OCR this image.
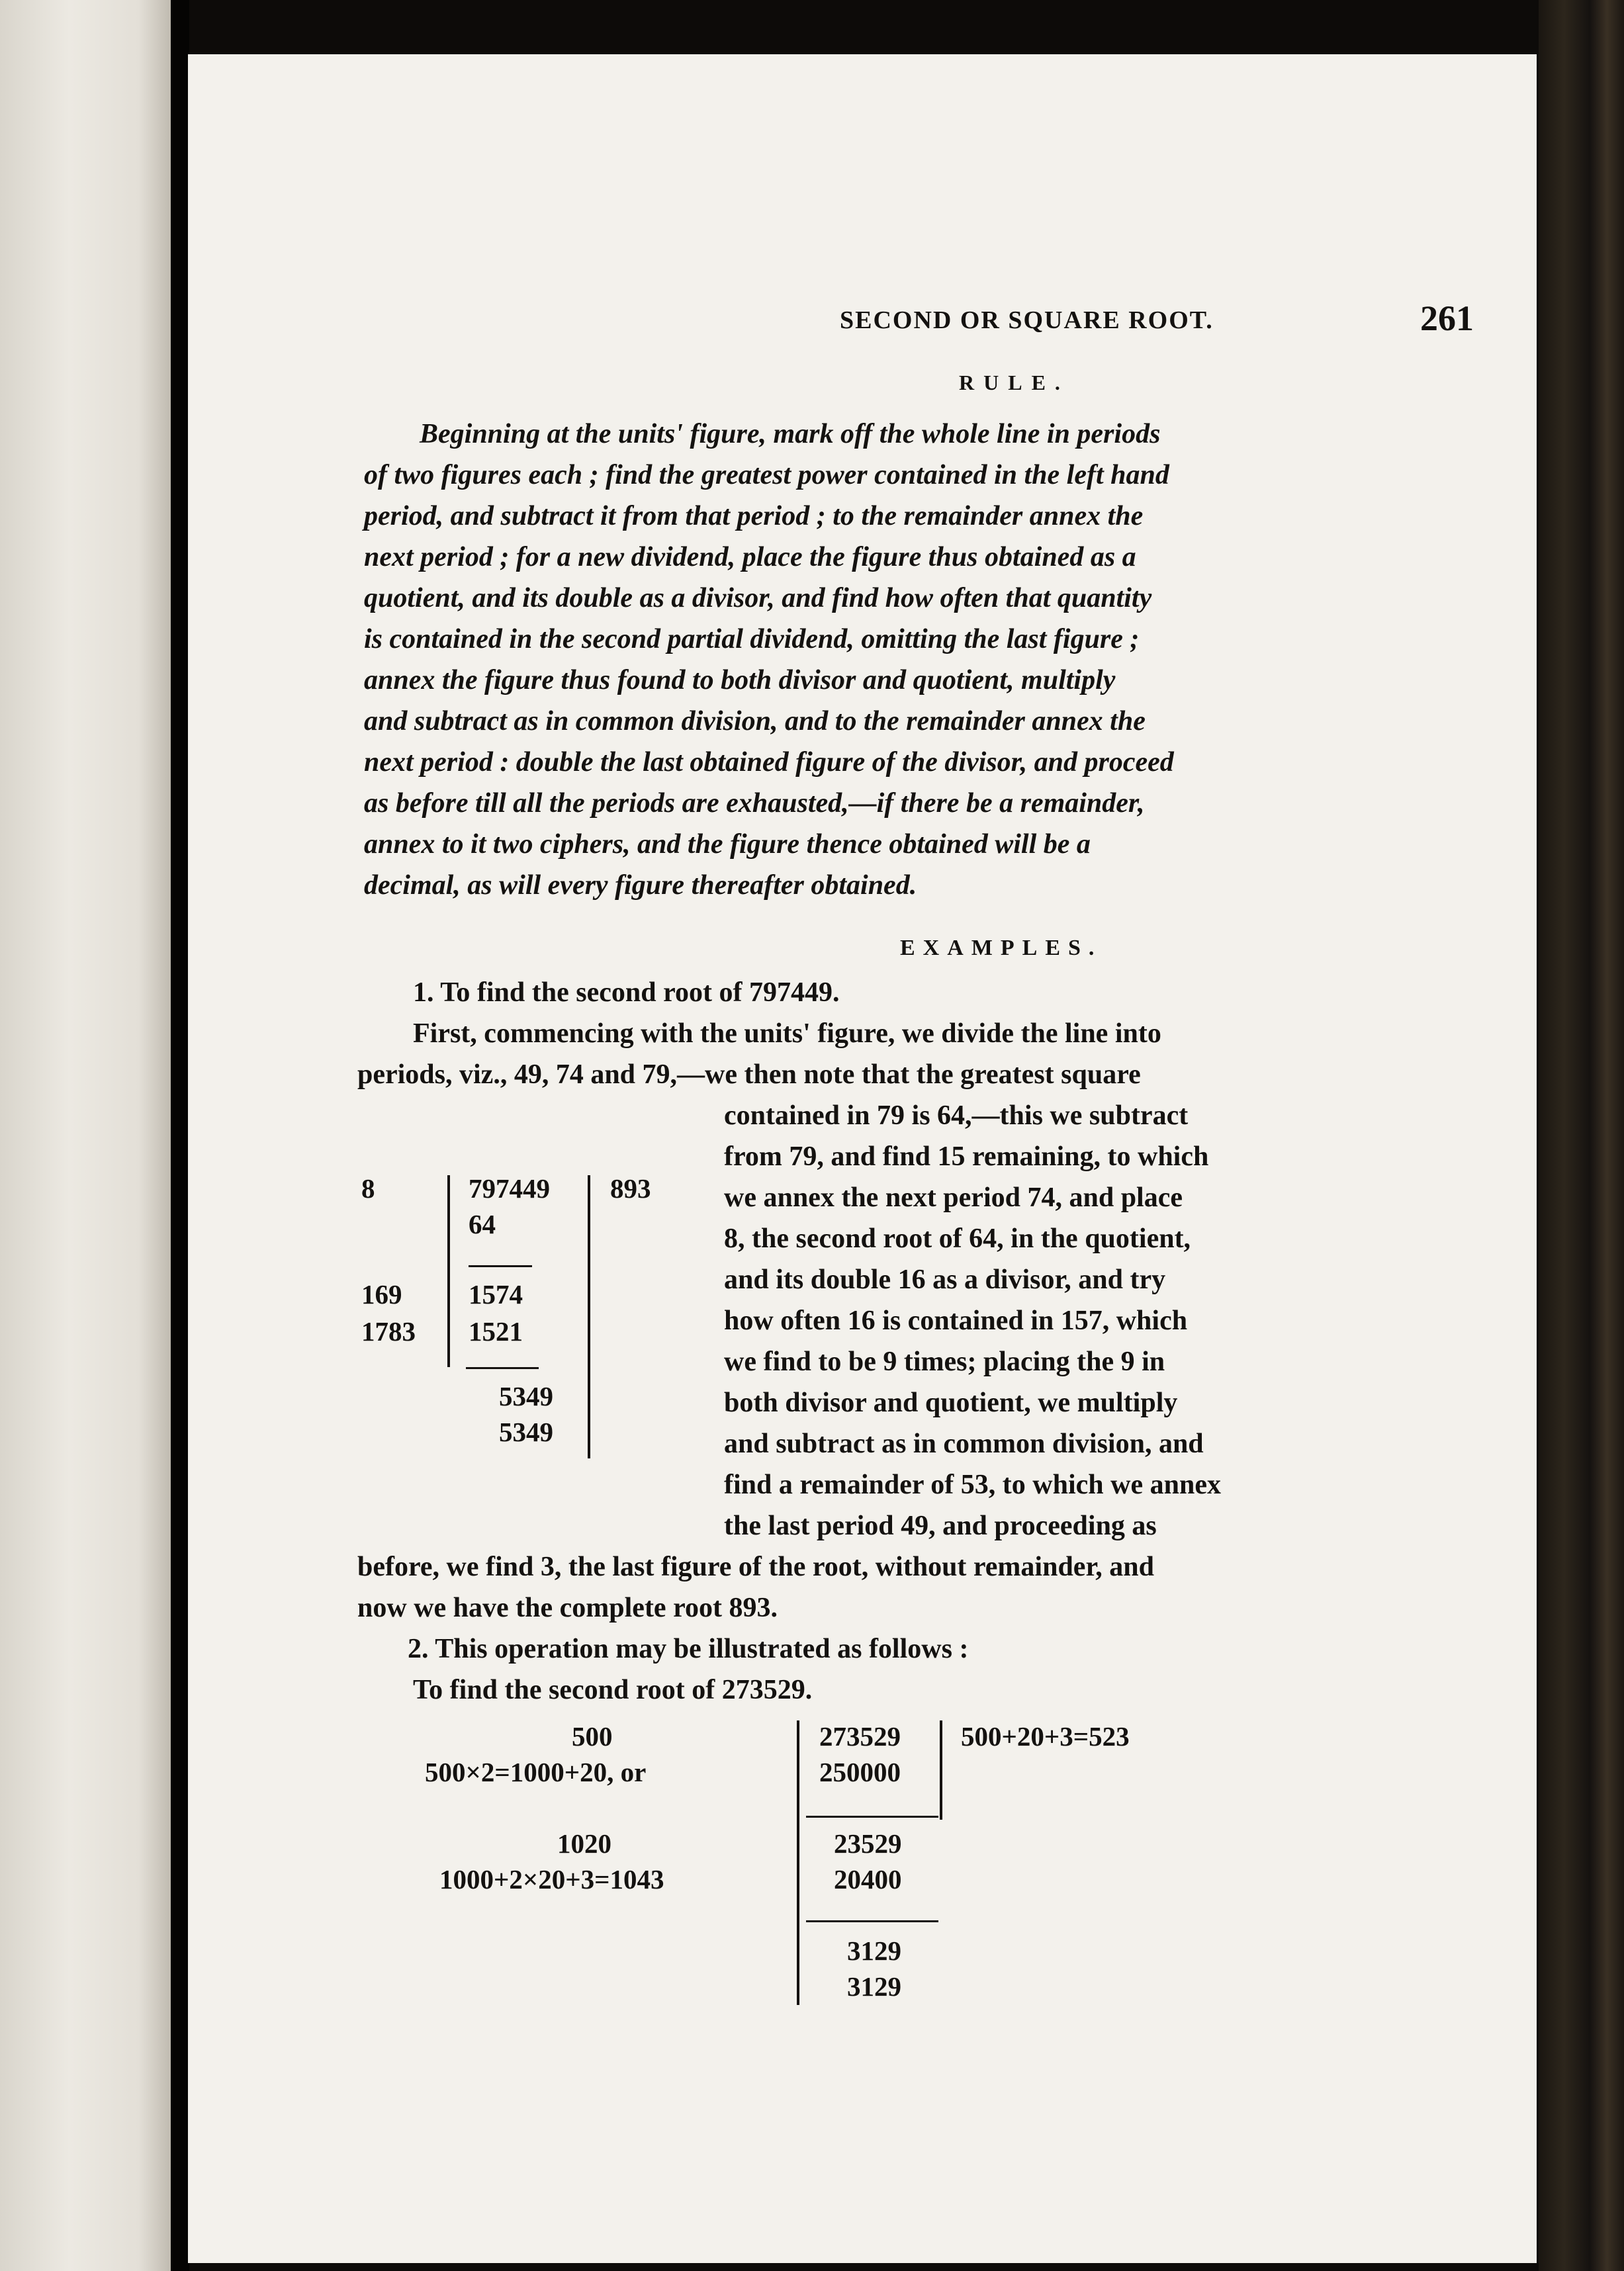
SECOND OR SQUARE ROOT.	261
RULE.
Beginning at the units' figure, mark off the whole line in periods
of two figures each ; find the greatest power contained in the left hand
period, and subtract it from that period ; to the remainder annex the
next period ; for a new dividend, place the figure thus obtained as a
quotient, and its double as a divisor, and find how often that quantity
is contained in the second partial dividend, omitting the last figure ;
annex the figure thus found to both divisor and quotient, multiply
and subtract as in common division, and to the remainder annex the
next period : double the last obtained figure of the divisor, and proceed
as before till all the periods are exhausted,—if there be a remainder,
annex to it two ciphers, and the figure thence obtained will be a
decimal, as will every figure thereafter obtained.
EXAMPLES.
1. To find the second root of 797449.
First, commencing with the units' figure, we divide the line into
periods, viz., 49, 74 and 79,—we then note that the greatest square
contained in 79 is 64,—this we subtract
from 79, and find 15 remaining, to which
we annex the next period 74, and place
8, the second root of 64, in the quotient,
and its double 16 as a divisor, and try
how often 16 is contained in 157, which
we find to be 9 times; placing the 9 in
both divisor and quotient, we multiply
and subtract as in common division, and
find a remainder of 53, to which we annex
the last period 49, and proceeding as
before, we find 3, the last figure of the root, without remainder, and
now we have the complete root 893.
8
169
1783
797449
64
1574
1521
5349
5349
893
2. This operation may be illustrated as follows :
To find the second root of 273529.
500
500×2=1000+20, or
1020
1000+2×20+3=1043
273529
250000
23529
20400
3129
3129
500+20+3=523
